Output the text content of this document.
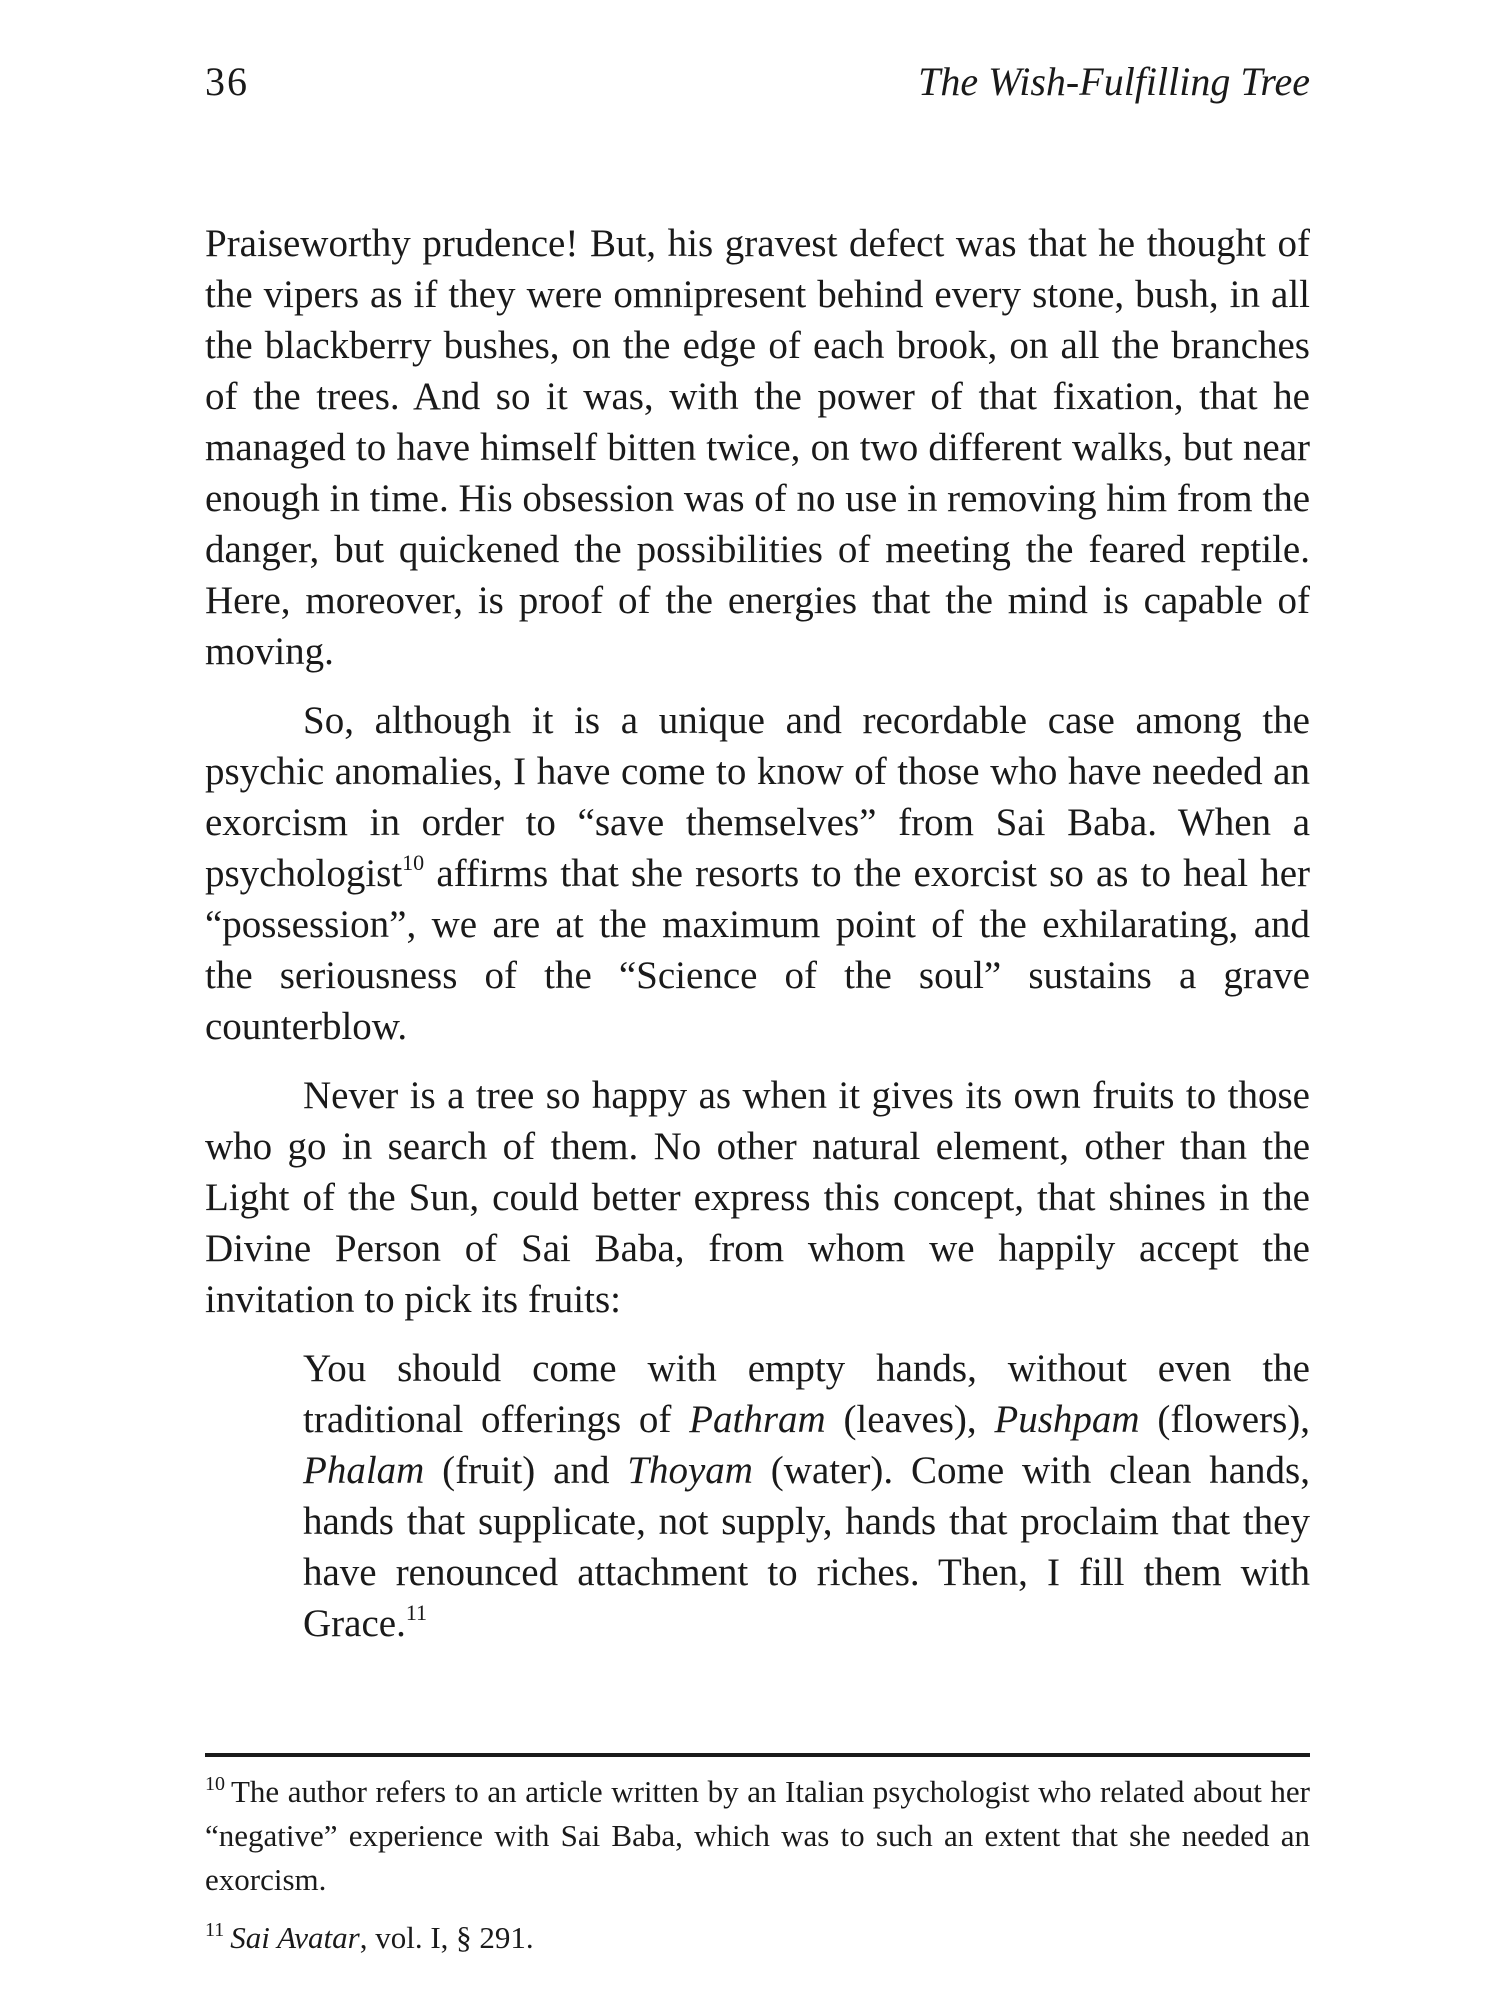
36	The Wish-Fulfilling Tree

Praiseworthy prudence! But, his gravest defect was that he thought of the vipers as if they were omnipresent behind every stone, bush, in all the blackberry bushes, on the edge of each brook, on all the branches of the trees. And so it was, with the power of that fixation, that he managed to have himself bitten twice, on two different walks, but near enough in time. His obsession was of no use in removing him from the danger, but quickened the possibilities of meeting the feared reptile. Here, moreover, is proof of the energies that the mind is capable of moving.

So, although it is a unique and recordable case among the psychic anomalies, I have come to know of those who have needed an exorcism in order to “save themselves” from Sai Baba. When a psychologist$^{10}$ affirms that she resorts to the exorcist so as to heal her “possession”, we are at the maximum point of the exhilarating, and the seriousness of the “Science of the soul” sustains a grave counterblow.

Never is a tree so happy as when it gives its own fruits to those who go in search of them. No other natural element, other than the Light of the Sun, could better express this concept, that shines in the Divine Person of Sai Baba, from whom we happily accept the invitation to pick its fruits:

You should come with empty hands, without even the traditional offerings of Pathram (leaves), Pushpam (flowers), Phalam (fruit) and Thoyam (water). Come with clean hands, hands that supplicate, not supply, hands that proclaim that they have renounced attachment to riches. Then, I fill them with Grace.$^{11}$

$^{10}$ The author refers to an article written by an Italian psychologist who related about her “negative” experience with Sai Baba, which was to such an extent that she needed an exorcism.

$^{11}$ Sai Avatar, vol. I, § 291.
